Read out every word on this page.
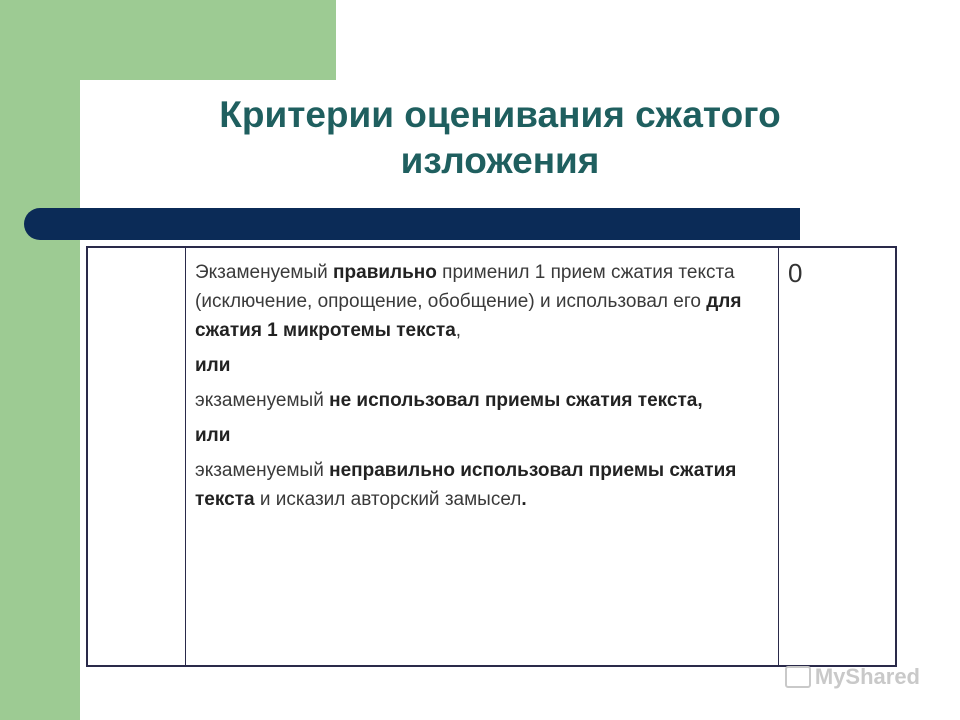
Критерии оценивания сжатого
изложения

Экзаменуемый правильно применил 1 прием сжатия текста (исключение, опрощение, обобщение) и использовал его для сжатия 1 микротемы текста,

или

экзаменуемый не использовал приемы сжатия текста,

или

экзаменуемый неправильно использовал приемы сжатия текста и исказил авторский замысел.

0
MyShared
